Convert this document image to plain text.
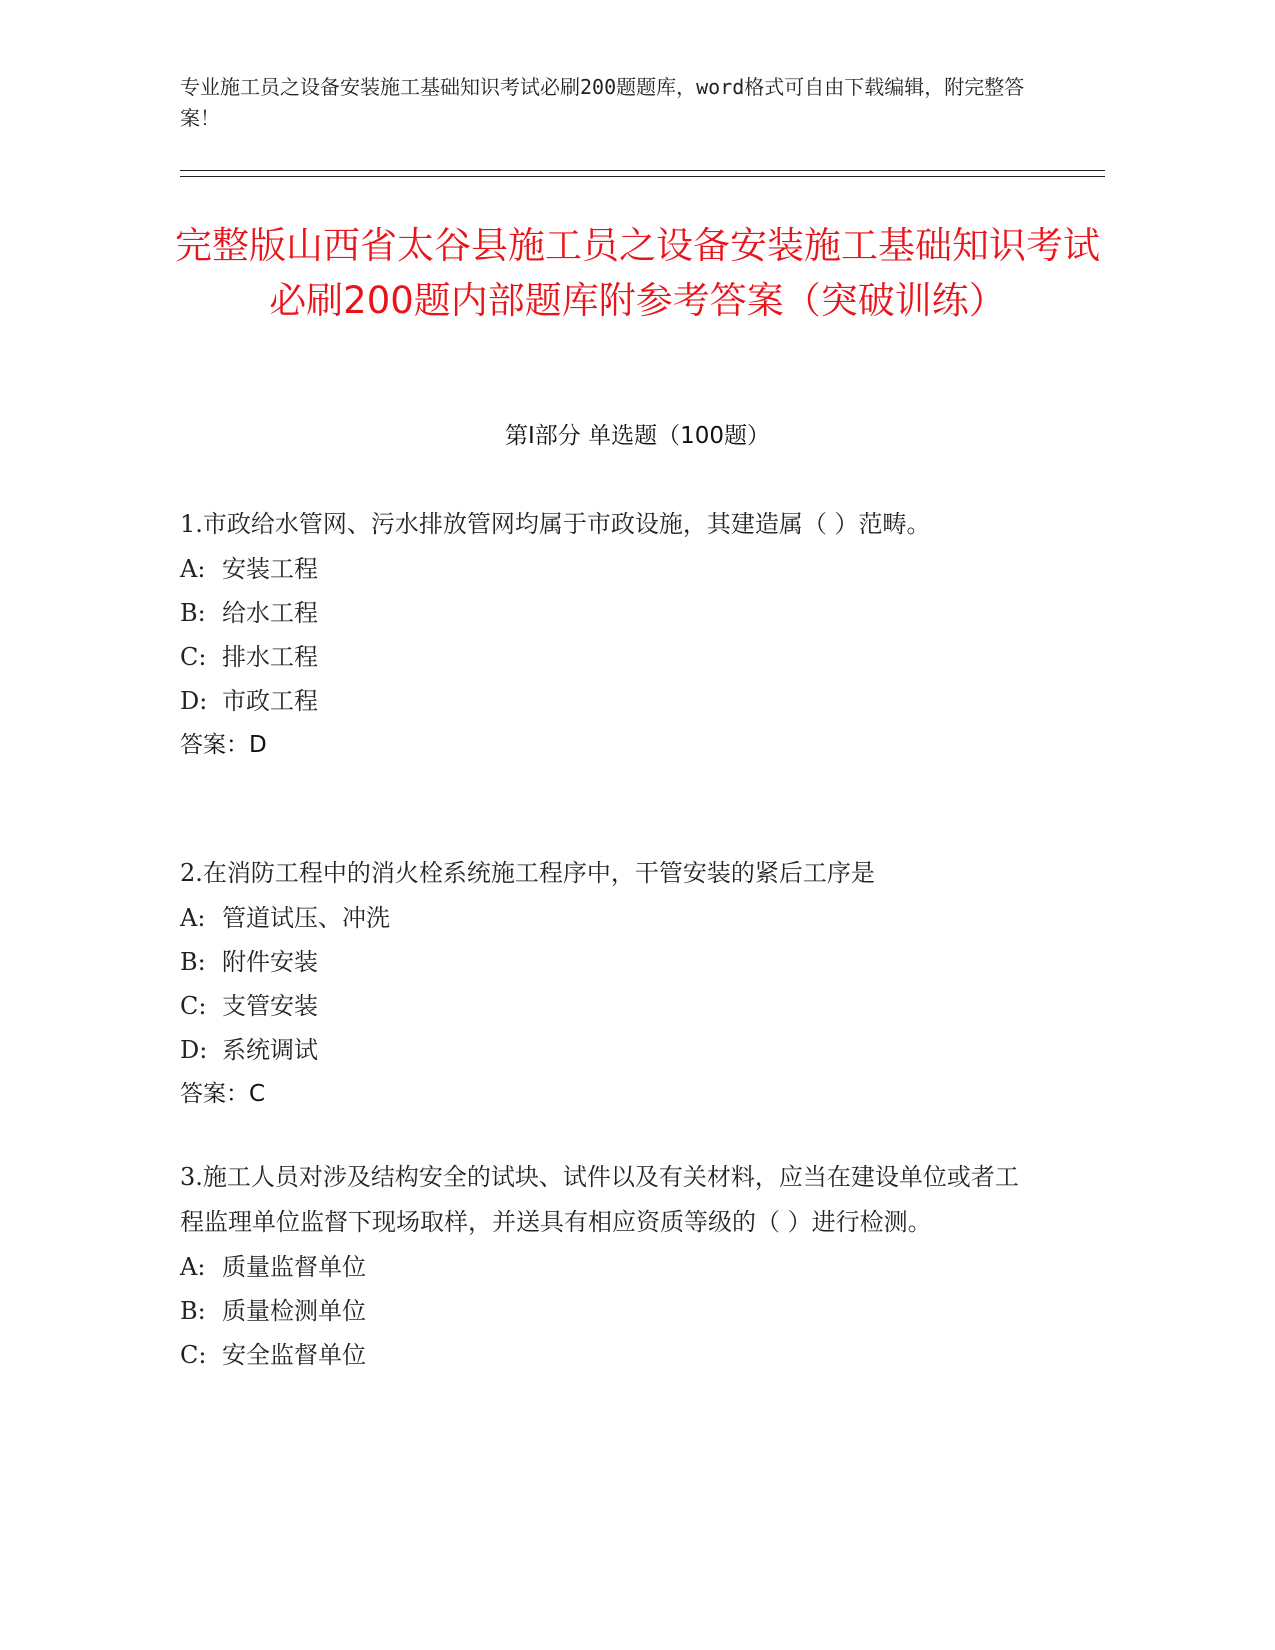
专业施工员之设备安装施工基础知识考试必刷200题题库，word格式可自由下载编辑，附完整答案！
完整版山西省太谷县施工员之设备安装施工基础知识考试必刷200题内部题库附参考答案（突破训练）
第Ⅰ部分 单选题（100题）
1.市政给水管网、污水排放管网均属于市政设施，其建造属（ ）范畴。
A: 安装工程
B: 给水工程
C: 排水工程
D: 市政工程
答案：D
2.在消防工程中的消火栓系统施工程序中，干管安装的紧后工序是
A: 管道试压、冲洗
B: 附件安装
C: 支管安装
D: 系统调试
答案：C
3.施工人员对涉及结构安全的试块、试件以及有关材料，应当在建设单位或者工程监理单位监督下现场取样，并送具有相应资质等级的（ ）进行检测。
A: 质量监督单位
B: 质量检测单位
C: 安全监督单位
